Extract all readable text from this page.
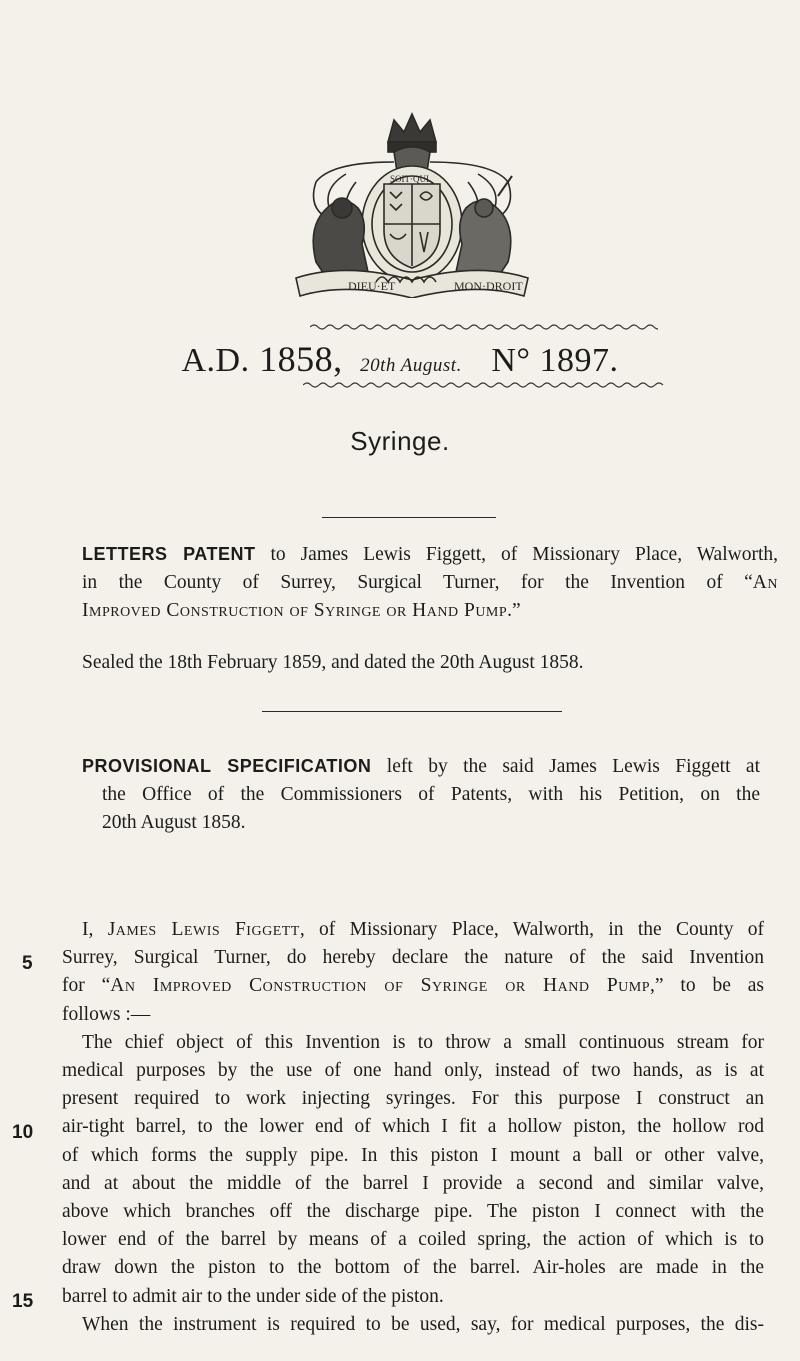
DIEU·ET	MON·DROIT
SOIT·QUI
A.D. 1858, 20th August. N° 1897.
Syringe.
LETTERS PATENT to James Lewis Figgett, of Missionary Place, Walworth,
in the County of Surrey, Surgical Turner, for the Invention of “An
Improved Construction of Syringe or Hand Pump.”
Sealed the 18th February 1859, and dated the 20th August 1858.
PROVISIONAL SPECIFICATION left by the said James Lewis Figgett at
the Office of the Commissioners of Patents, with his Petition, on the
20th August 1858.
5
10
15
I, James Lewis Figgett, of Missionary Place, Walworth, in the County of
Surrey, Surgical Turner, do hereby declare the nature of the said Invention
for “An Improved Construction of Syringe or Hand Pump,” to be as
follows :—
The chief object of this Invention is to throw a small continuous stream for
medical purposes by the use of one hand only, instead of two hands, as is at
present required to work injecting syringes. For this purpose I construct an
air-tight barrel, to the lower end of which I fit a hollow piston, the hollow rod
of which forms the supply pipe. In this piston I mount a ball or other valve,
and at about the middle of the barrel I provide a second and similar valve,
above which branches off the discharge pipe. The piston I connect with the
lower end of the barrel by means of a coiled spring, the action of which is to
draw down the piston to the bottom of the barrel. Air-holes are made in the
barrel to admit air to the under side of the piston.
When the instrument is required to be used, say, for medical purposes, the dis-
